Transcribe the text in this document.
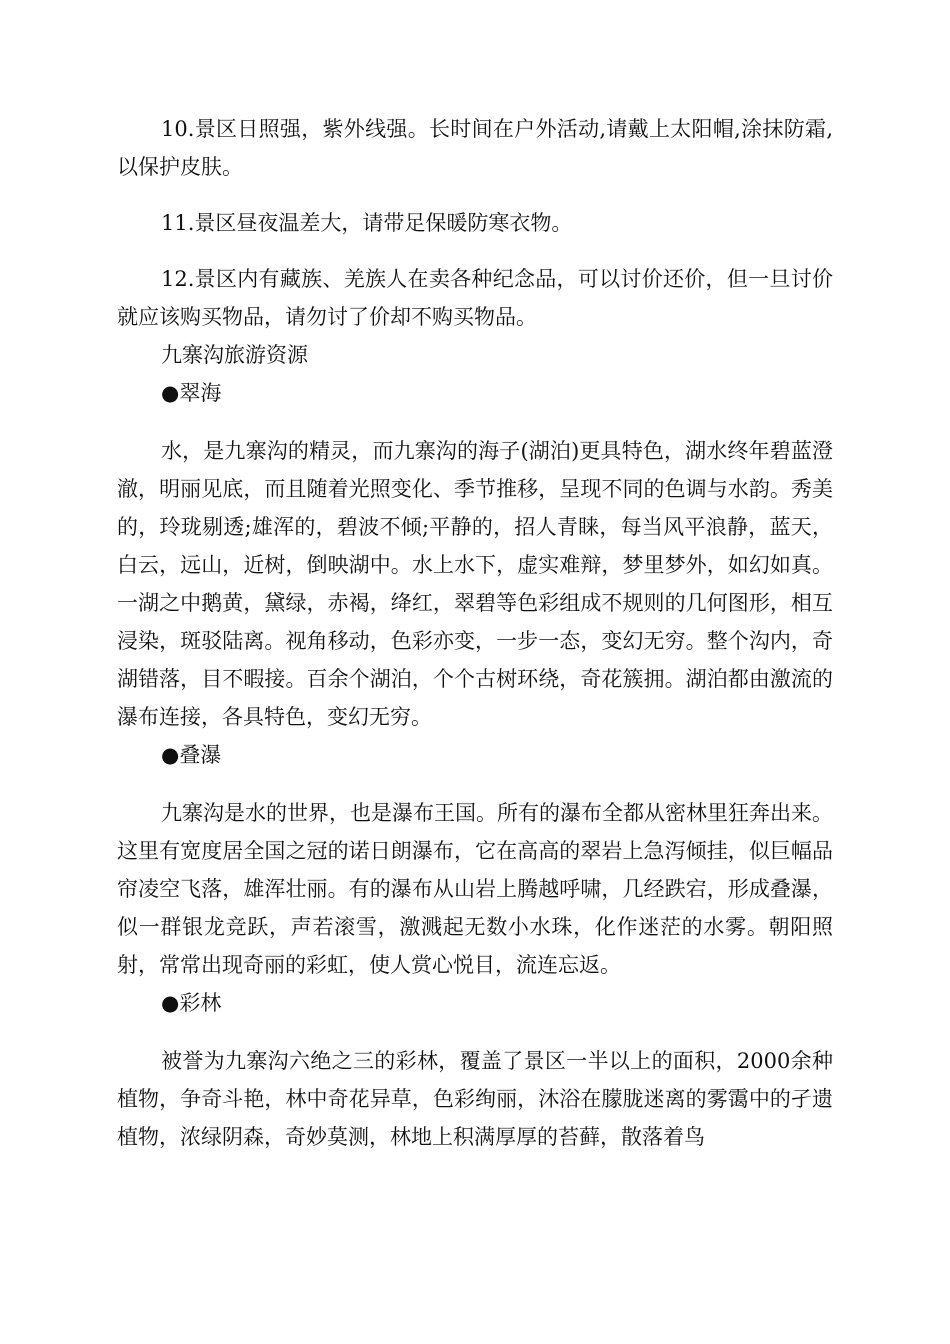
10.景区日照强，紫外线强。长时间在户外活动,请戴上太阳帽,涂抹防霜,以保护皮肤。

11.景区昼夜温差大，请带足保暖防寒衣物。

12.景区内有藏族、羌族人在卖各种纪念品，可以讨价还价，但一旦讨价就应该购买物品，请勿讨了价却不购买物品。

九寨沟旅游资源

●翠海

水，是九寨沟的精灵，而九寨沟的海子(湖泊)更具特色，湖水终年碧蓝澄澈，明丽见底，而且随着光照变化、季节推移，呈现不同的色调与水韵。秀美的，玲珑剔透;雄浑的，碧波不倾;平静的，招人青睐，每当风平浪静，蓝天，白云，远山，近树，倒映湖中。水上水下，虚实难辩，梦里梦外，如幻如真。一湖之中鹅黄，黛绿，赤褐，绛红，翠碧等色彩组成不规则的几何图形，相互浸染，斑驳陆离。视角移动，色彩亦变，一步一态，变幻无穷。整个沟内，奇湖错落，目不暇接。百余个湖泊，个个古树环绕，奇花簇拥。湖泊都由激流的瀑布连接，各具特色，变幻无穷。

●叠瀑

九寨沟是水的世界，也是瀑布王国。所有的瀑布全都从密林里狂奔出来。这里有宽度居全国之冠的诺日朗瀑布，它在高高的翠岩上急泻倾挂，似巨幅品帘凌空飞落，雄浑壮丽。有的瀑布从山岩上腾越呼啸，几经跌宕，形成叠瀑，似一群银龙竞跃，声若滚雪，激溅起无数小水珠，化作迷茫的水雾。朝阳照射，常常出现奇丽的彩虹，使人赏心悦目，流连忘返。

●彩林

被誉为九寨沟六绝之三的彩林，覆盖了景区一半以上的面积，2000余种植物，争奇斗艳，林中奇花异草，色彩绚丽，沐浴在朦胧迷离的雾霭中的孑遗植物，浓绿阴森，奇妙莫测，林地上积满厚厚的苔藓，散落着鸟
